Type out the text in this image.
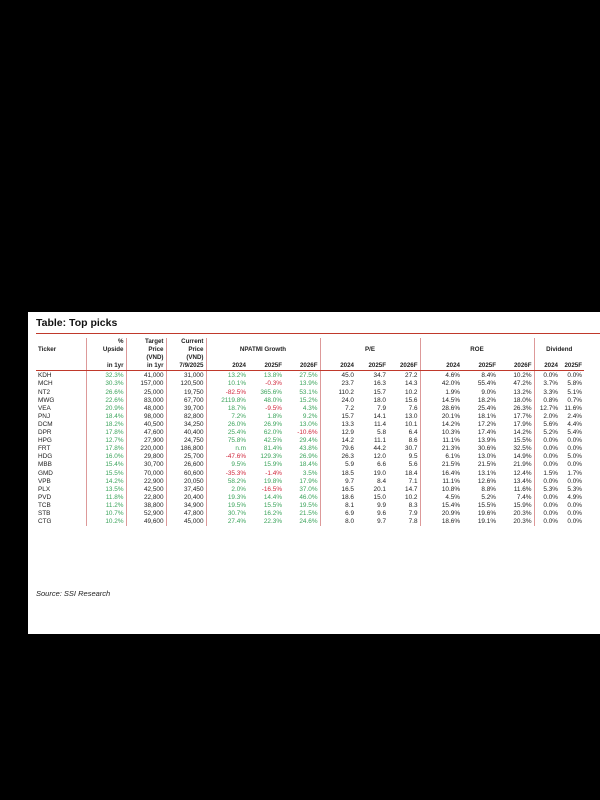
Table: Top picks
	%	Target	Current											
Ticker	Upside	Price	Price	NPATMI Growth			P/E			ROE			Dividend	
		(VND)	(VND)											
	in 1yr	in 1yr	7/9/2025	2024	2025F	2026F	2024	2025F	2026F	2024	2025F	2026F	2024	2025F
KDH	32.3%	41,000	31,000	13.2%	13.8%	27.5%	45.0	34.7	27.2	4.6%	8.4%	10.2%	0.0%	0.0%
MCH	30.3%	157,000	120,500	10.1%	-0.3%	13.9%	23.7	16.3	14.3	42.0%	55.4%	47.2%	3.7%	5.8%
NT2	26.6%	25,000	19,750	-82.5%	365.6%	53.1%	110.2	15.7	10.2	1.9%	9.0%	13.2%	3.3%	5.1%
MWG	22.6%	83,000	67,700	2119.8%	48.0%	15.2%	24.0	18.0	15.6	14.5%	18.2%	18.0%	0.8%	0.7%
VEA	20.9%	48,000	39,700	18.7%	-9.5%	4.3%	7.2	7.9	7.6	28.6%	25.4%	26.3%	12.7%	11.6%
PNJ	18.4%	98,000	82,800	7.2%	1.8%	9.2%	15.7	14.1	13.0	20.1%	18.1%	17.7%	2.0%	2.4%
DCM	18.2%	40,500	34,250	26.0%	26.9%	13.0%	13.3	11.4	10.1	14.2%	17.2%	17.9%	5.6%	4.4%
DPR	17.8%	47,600	40,400	25.4%	62.0%	-10.6%	12.9	5.8	6.4	10.3%	17.4%	14.2%	5.2%	5.4%
HPG	12.7%	27,900	24,750	75.8%	42.5%	29.4%	14.2	11.1	8.6	11.1%	13.9%	15.5%	0.0%	0.0%
FRT	17.8%	220,000	186,800	n.m	81.4%	43.8%	79.6	44.2	30.7	21.3%	30.6%	32.5%	0.0%	0.0%
HDG	16.0%	29,800	25,700	-47.6%	129.3%	26.9%	26.3	12.0	9.5	6.1%	13.0%	14.9%	0.0%	5.0%
MBB	15.4%	30,700	26,600	9.5%	15.9%	18.4%	5.9	6.6	5.6	21.5%	21.5%	21.9%	0.0%	0.0%
GMD	15.5%	70,000	60,600	-35.3%	-1.4%	3.5%	18.5	19.0	18.4	16.4%	13.1%	12.4%	1.5%	1.7%
VPB	14.2%	22,900	20,050	58.2%	19.8%	17.9%	9.7	8.4	7.1	11.1%	12.6%	13.4%	0.0%	0.0%
PLX	13.5%	42,500	37,450	2.0%	-16.5%	37.0%	16.5	20.1	14.7	10.8%	8.8%	11.6%	5.3%	5.3%
PVD	11.8%	22,800	20,400	19.3%	14.4%	46.0%	18.6	15.0	10.2	4.5%	5.2%	7.4%	0.0%	4.9%
TCB	11.2%	38,800	34,900	19.5%	15.5%	19.5%	8.1	9.9	8.3	15.4%	15.5%	15.9%	0.0%	0.0%
STB	10.7%	52,900	47,800	30.7%	16.2%	21.5%	6.9	9.6	7.9	20.9%	19.6%	20.3%	0.0%	0.0%
CTG	10.2%	49,600	45,000	27.4%	22.3%	24.6%	8.0	9.7	7.8	18.6%	19.1%	20.3%	0.0%	0.0%
Source: SSI Research
